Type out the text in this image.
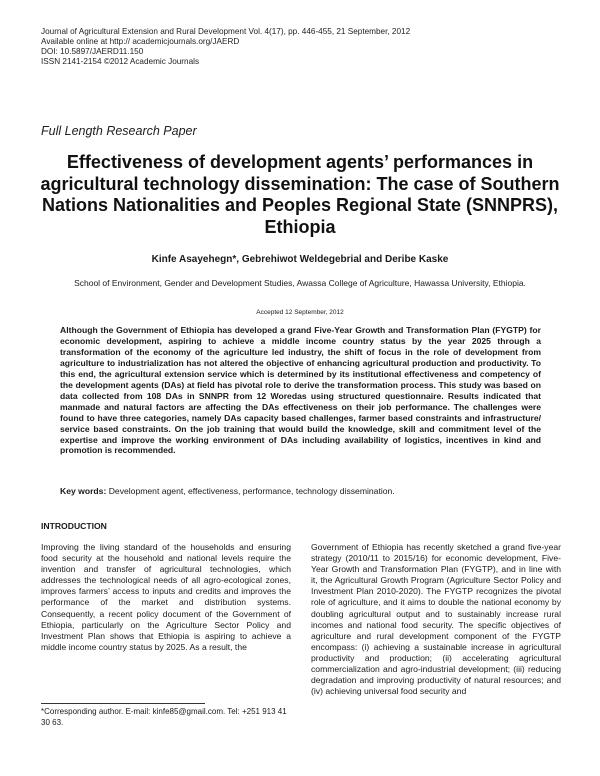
Journal of Agricultural Extension and Rural Development Vol. 4(17), pp. 446-455, 21 September, 2012
Available online at http:// academicjournals.org/JAERD
DOI: 10.5897/JAERD11.150
ISSN 2141-2154 ©2012 Academic Journals
Full Length Research Paper
Effectiveness of development agents’ performances in agricultural technology dissemination: The case of Southern Nations Nationalities and Peoples Regional State (SNNPRS), Ethiopia
Kinfe Asayehegn*, Gebrehiwot Weldegebrial and Deribe Kaske
School of Environment, Gender and Development Studies, Awassa College of Agriculture, Hawassa University, Ethiopia.
Accepted 12 September, 2012

Although the Government of Ethiopia has developed a grand Five-Year Growth and Transformation Plan (FYGTP) for economic development, aspiring to achieve a middle income country status by the year 2025 through a transformation of the economy of the agriculture led industry, the shift of focus in the role of development from agriculture to industrialization has not altered the objective of enhancing agricultural production and productivity. To this end, the agricultural extension service which is determined by its institutional effectiveness and competency of the development agents (DAs) at field has pivotal role to derive the transformation process. This study was based on data collected from 108 DAs in SNNPR from 12 Woredas using structured questionnaire. Results indicated that manmade and natural factors are affecting the DAs effectiveness on their job performance. The challenges were found to have three categories, namely DAs capacity based challenges, farmer based constraints and infrastructure/ service based constraints. On the job training that would build the knowledge, skill and commitment level of the expertise and improve the working environment of DAs including availability of logistics, incentives in kind and promotion is recommended.

Key words: Development agent, effectiveness, performance, technology dissemination.
INTRODUCTION

Improving the living standard of the households and ensuring food security at the household and national levels require the invention and transfer of agricultural technologies, which addresses the technological needs of all agro-ecological zones, improves farmers’ access to inputs and credits and improves the performance of the market and distribution systems. Consequently, a recent policy document of the Government of Ethiopia, particularly on the Agriculture Sector Policy and Investment Plan shows that Ethiopia is aspiring to achieve a middle income country status by 2025. As a result, the

Government of Ethiopia has recently sketched a grand five-year strategy (2010/11 to 2015/16) for economic development, Five-Year Growth and Transformation Plan (FYGTP), and in line with it, the Agricultural Growth Program (Agriculture Sector Policy and Investment Plan 2010-2020). The FYGTP recognizes the pivotal role of agriculture, and it aims to double the national economy by doubling agricultural output and to sustainably increase rural incomes and national food security. The specific objectives of agriculture and rural development component of the FYGTP encompass: (i) achieving a sustainable increase in agricultural productivity and production; (ii) accelerating agricultural commercialization and agro-industrial development; (iii) reducing degradation and improving productivity of natural resources; and (iv) achieving universal food security and

*Corresponding author. E-mail: kinfe85@gmail.com. Tel: +251 913 41 30 63.
